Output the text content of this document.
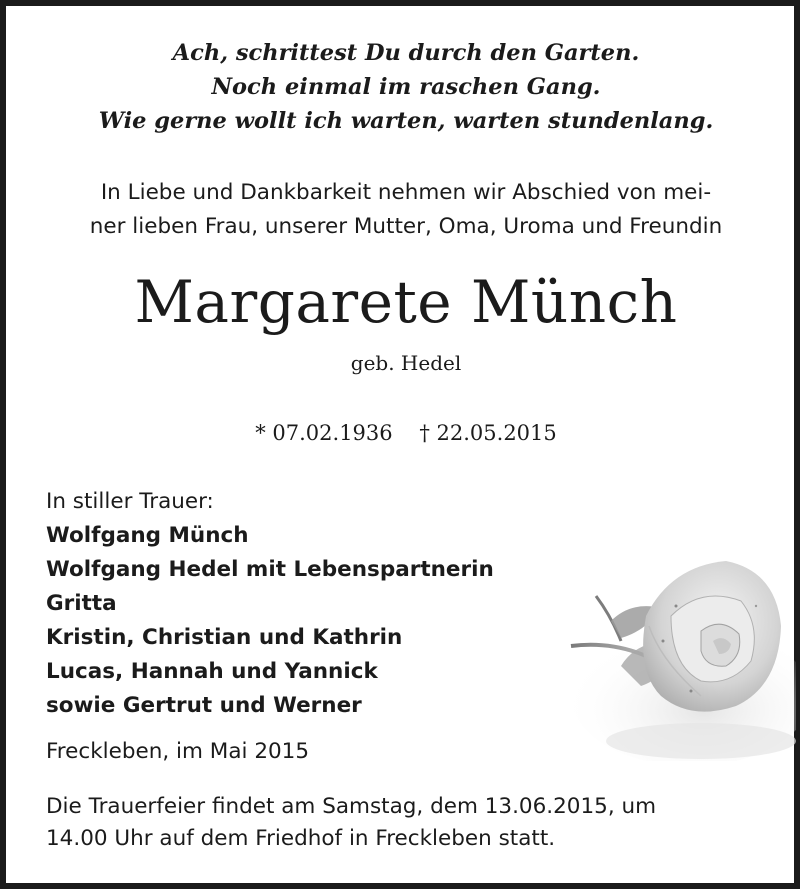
Ach, schrittest Du durch den Garten.
Noch einmal im raschen Gang.
Wie gerne wollt ich warten, warten stundenlang.
In Liebe und Dankbarkeit nehmen wir Abschied von mei-
ner lieben Frau, unserer Mutter, Oma, Uroma und Freundin
Margarete Münch
geb. Hedel
* 07.02.1936 † 22.05.2015
In stiller Trauer:
Wolfgang Münch
Wolfgang Hedel mit Lebenspartnerin
Gritta
Kristin, Christian und Kathrin
Lucas, Hannah und Yannick
sowie Gertrut und Werner
Freckleben, im Mai 2015
Die Trauerfeier findet am Samstag, dem 13.06.2015, um
14.00 Uhr auf dem Friedhof in Freckleben statt.
